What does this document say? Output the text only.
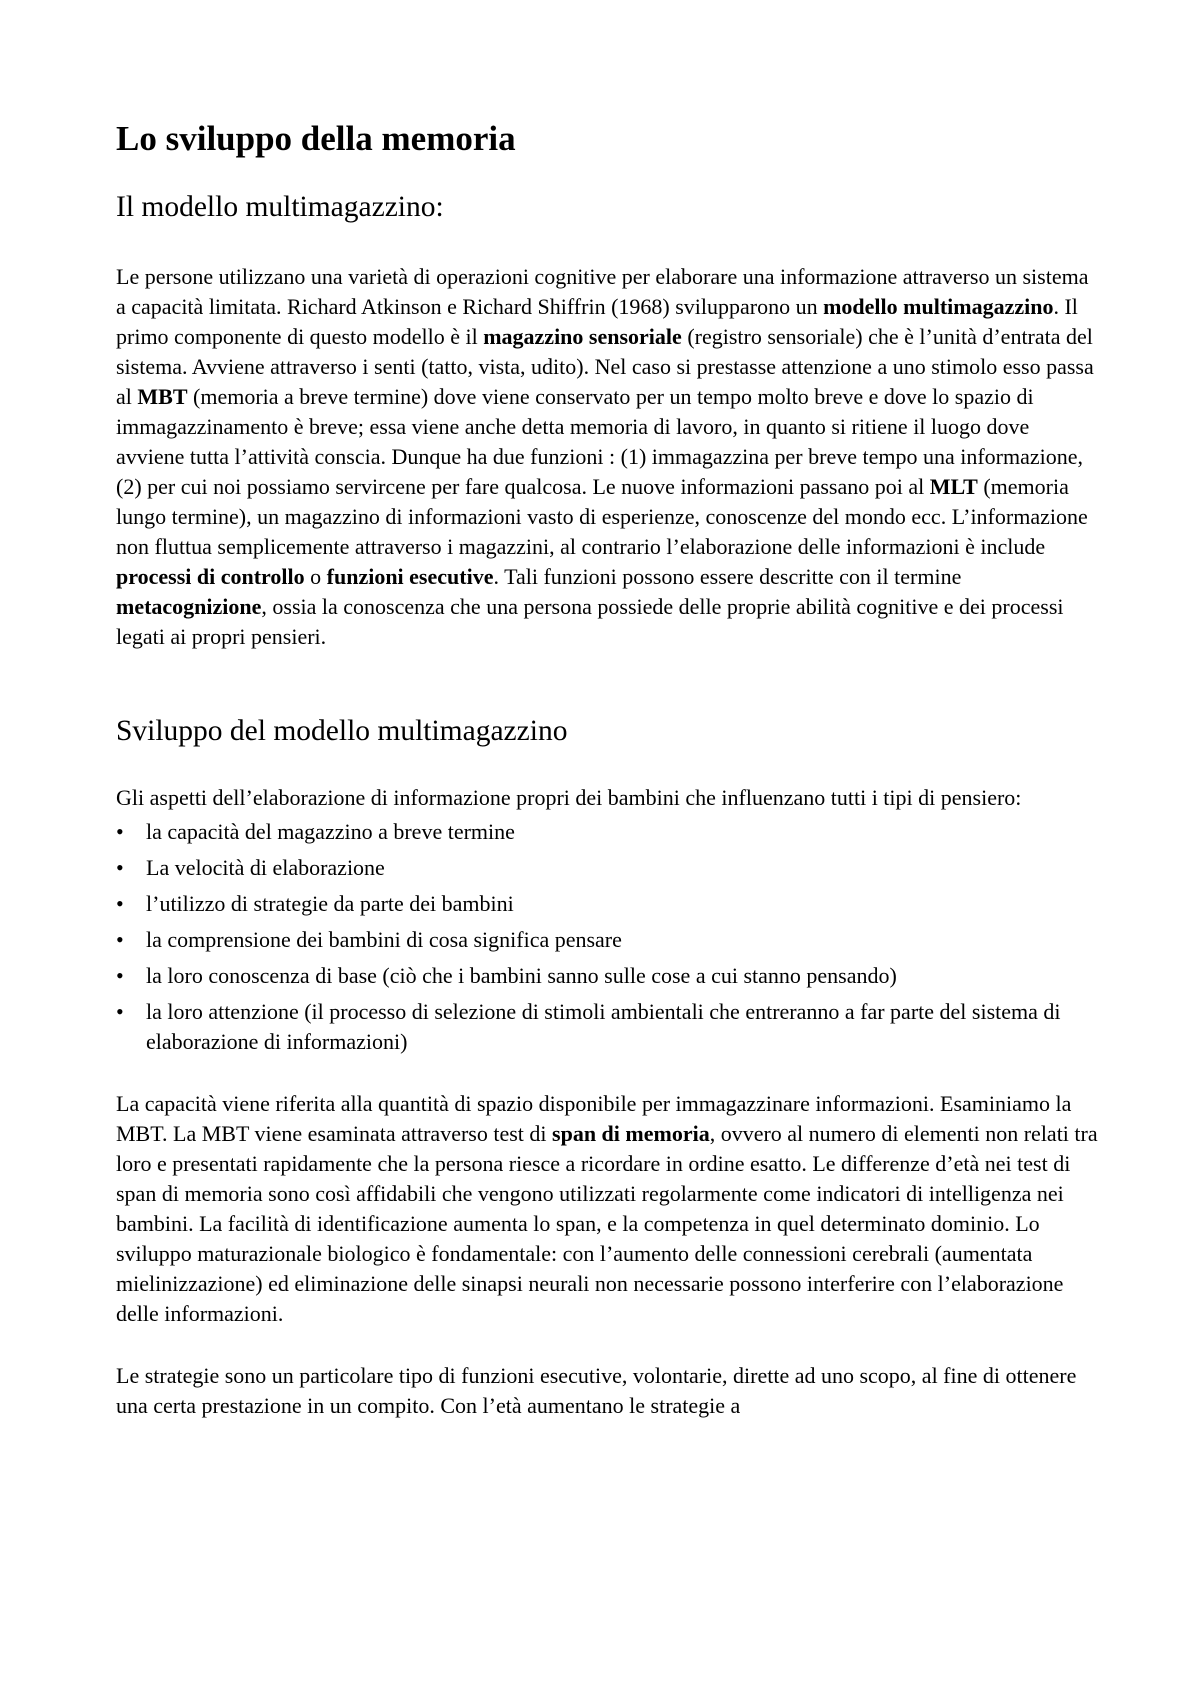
Lo sviluppo della memoria
Il modello multimagazzino:

Le persone utilizzano una varietà di operazioni cognitive per elaborare una informazione attraverso un sistema a capacità limitata. Richard Atkinson e Richard Shiffrin (1968) svilupparono un modello multimagazzino. Il primo componente di questo modello è il magazzino sensoriale (registro sensoriale) che è l’unità d’entrata del sistema. Avviene attraverso i senti (tatto, vista, udito). Nel caso si prestasse attenzione a uno stimolo esso passa al MBT (memoria a breve termine) dove viene conservato per un tempo molto breve e dove lo spazio di immagazzinamento è breve; essa viene anche detta memoria di lavoro, in quanto si ritiene il luogo dove avviene tutta l’attività conscia. Dunque ha due funzioni : (1) immagazzina per breve tempo una informazione, (2) per cui noi possiamo servircene per fare qualcosa. Le nuove informazioni passano poi al MLT (memoria lungo termine), un magazzino di informazioni vasto di esperienze, conoscenze del mondo ecc. L’informazione non fluttua semplicemente attraverso i magazzini, al contrario l’elaborazione delle informazioni è include processi di controllo o funzioni esecutive. Tali funzioni possono essere descritte con il termine metacognizione, ossia la conoscenza che una persona possiede delle proprie abilità cognitive e dei processi legati ai propri pensieri.

Sviluppo del modello multimagazzino

Gli aspetti dell’elaborazione di informazione propri dei bambini che influenzano tutti i tipi di pensiero:

• la capacità del magazzino a breve termine
• La velocità di elaborazione
• l’utilizzo di strategie da parte dei bambini
• la comprensione dei bambini di cosa significa pensare
• la loro conoscenza di base (ciò che i bambini sanno sulle cose a cui stanno pensando)
• la loro attenzione (il processo di selezione di stimoli ambientali che entreranno a far parte del sistema di elaborazione di informazioni)

La capacità viene riferita alla quantità di spazio disponibile per immagazzinare informazioni. Esaminiamo la MBT. La MBT viene esaminata attraverso test di span di memoria, ovvero al numero di elementi non relati tra loro e presentati rapidamente che la persona riesce a ricordare in ordine esatto. Le differenze d’età nei test di span di memoria sono così affidabili che vengono utilizzati regolarmente come indicatori di intelligenza nei bambini. La facilità di identificazione aumenta lo span, e la competenza in quel determinato dominio. Lo sviluppo maturazionale biologico è fondamentale: con l’aumento delle connessioni cerebrali (aumentata mielinizzazione) ed eliminazione delle sinapsi neurali non necessarie possono interferire con l’elaborazione delle informazioni.

Le strategie sono un particolare tipo di funzioni esecutive, volontarie, dirette ad uno scopo, al fine di ottenere una certa prestazione in un compito. Con l’età aumentano le strategie a
